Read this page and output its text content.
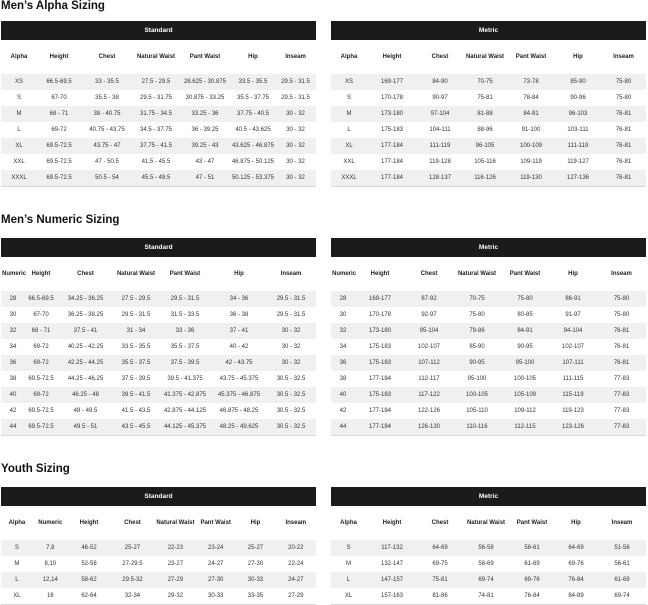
Men’s Alpha Sizing
Standard						
Alpha	Height	Chest	Natural Waist	Pant Waist	Hip	Inseam
XS	66.5-69.5	33 - 35.5	27.5 - 29.5	28.625 - 30.875	33.5 - 35.5	29.5 - 31.5
S	67-70	35.5 - 38	29.5 - 31.75	30.875 - 33.25	35.5 - 37.75	29.5 - 31.5
M	68 - 71	38 - 40.75	31.75 - 34.5	33.25 - 36	37.75 - 40.5	30 - 32
L	69-72	40.75 - 43.75	34.5 - 37.75	36 - 39.25	40.5 - 43.625	30 - 32
XL	69.5-72.5	43.75 - 47	37.75 - 41.5	39.25 - 43	43.625 - 46.875	30 - 32
XXL	69.5-72.5	47 - 50.5	41.5 - 45.5	43 - 47	46.875 - 50.125	30 - 32
XXXL	69.5-72.5	50.5 - 54	45.5 - 49.5	47 - 51	50.125 - 53.375	30 - 32
Metric						
Alpha	Height	Chest	Natural Waist	Pant Waist	Hip	Inseam
XS	169-177	84-90	70-75	73-78	85-90	75-80
S	170-178	90-97	75-81	78-84	90-96	75-80
M	173-180	97-104	81-88	84-91	96-103	76-81
L	175-183	104-111	88-96	91-100	103-111	76-81
XL	177-184	111-119	96-105	100-109	111-119	76-81
XXL	177-184	119-128	105-116	109-119	119-127	76-81
XXXL	177-184	128-137	116-126	119-130	127-136	76-81
Men’s Numeric Sizing
Standard						
Numeric	Height	Chest	Natural Waist	Pant Waist	Hip	Inseam
28	66.5-69.5	34.25 - 36.25	27.5 - 29.5	29.5 - 31.5	34 - 36	29.5 - 31.5
30	67-70	36.25 - 38.25	29.5 - 31.5	31.5 - 33.5	36 - 38	29.5 - 31.5
32	68 - 71	37.5 - 41	31 - 34	33 - 36	37 - 41	30 - 32
34	69-72	40.25 - 42.25	33.5 - 35.5	35.5 - 37.5	40 - 42	30 - 32
36	69-72	42.25 - 44.25	35.5 - 37.5	37.5 - 39.5	42 - 43.75	30 - 32
38	69.5-72.5	44.25 - 46.25	37.5 - 39.5	39.5 - 41.375	43.75 - 45.375	30.5 - 32.5
40	69-72	46.25 - 48	39.5 - 41.5	41.375 - 42.875	45.375 - 46.875	30.5 - 32.5
42	69.5-72.5	48 - 49.5	41.5 - 43.5	42.875 - 44.125	46.875 - 48.25	30.5 - 32.5
44	69.5-72.5	49.5 - 51	43.5 - 45.5	44.125 - 45.375	48.25 - 49.625	30.5 - 32.5
Metric						
Numeric	Height	Chest	Natural Waist	Pant Waist	Hip	Inseam
28	169-177	87-92	70-75	75-80	86-91	75-80
30	170-178	92-97	75-80	80-85	91-97	75-80
32	173-180	95-104	79-86	84-91	94-104	76-81
34	175-183	102-107	85-90	90-95	102-107	76-81
36	175-183	107-112	90-95	95-100	107-111	76-81
38	177-184	112-117	95-100	100-105	111-115	77-83
40	175-183	117-122	100-105	105-109	115-119	77-83
42	177-184	122-126	105-110	109-112	119-123	77-83
44	177-184	126-130	110-116	112-115	123-126	77-83
Youth Sizing
Standard							
Alpha	Numeric	Height	Chest	Natural Waist	Pant Waist	Hip	Inseam
S	7,8	46-52	25-27	22-23	23-24	25-27	20-22
M	8,10	52-58	27-29.5	23-27	24-27	27-30	22-24
L	12,14	58-62	29.5-32	27-29	27-30	30-33	24-27
XL	16	62-64	32-34	29-32	30-33	33-35	27-29
Metric						
Alpha	Height	Chest	Natural Waist	Pant Waist	Hip	Inseam
S	117-132	64-69	56-58	58-61	64-69	51-56
M	132-147	69-75	58-69	61-69	69-76	56-61
L	147-157	75-81	69-74	69-76	76-84	61-69
XL	157-163	81-86	74-81	76-84	84-89	69-74
